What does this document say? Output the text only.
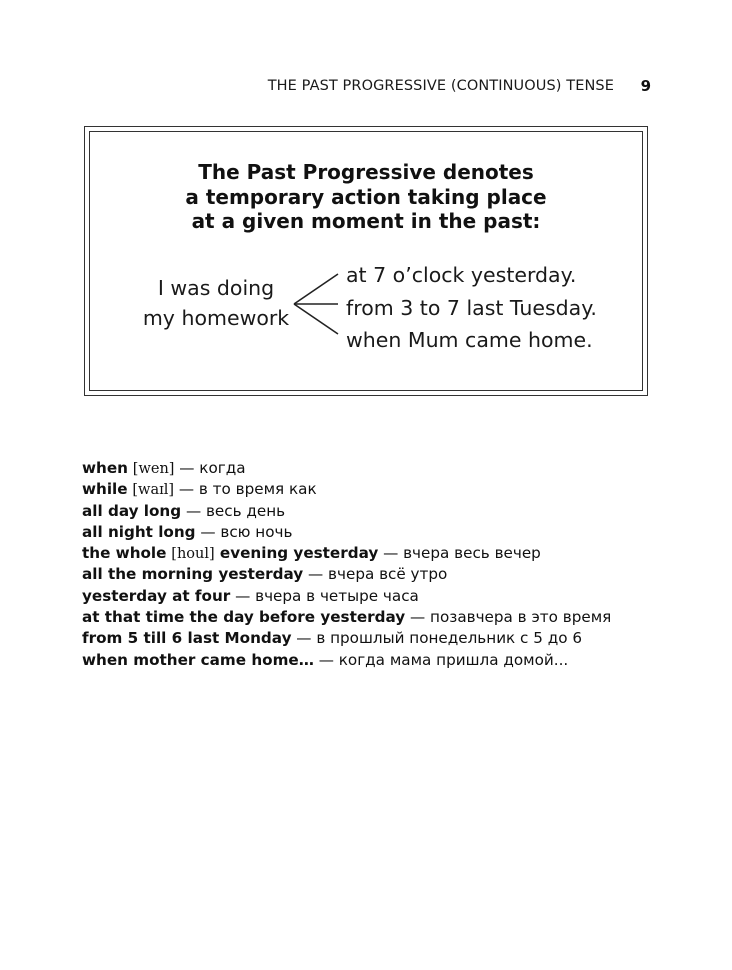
THE PAST PROGRESSIVE (CONTINUOUS) TENSE 9
The Past Progressive denotes
a temporary action taking place
at a given moment in the past:
I was doing
my homework
at 7 o’clock yesterday.
from 3 to 7 last Tuesday.
when Mum came home.
when [wen] — когда
while [waɪl] — в то время как
all day long — весь день
all night long — всю ночь
the whole [houl] evening yesterday — вчера весь вечер
all the morning yesterday — вчера всё утро
yesterday at four — вчера в четыре часа
at that time the day before yesterday — позавчера в это время
from 5 till 6 last Monday — в прошлый понедельник с 5 до 6
when mother came home… — когда мама пришла домой...
